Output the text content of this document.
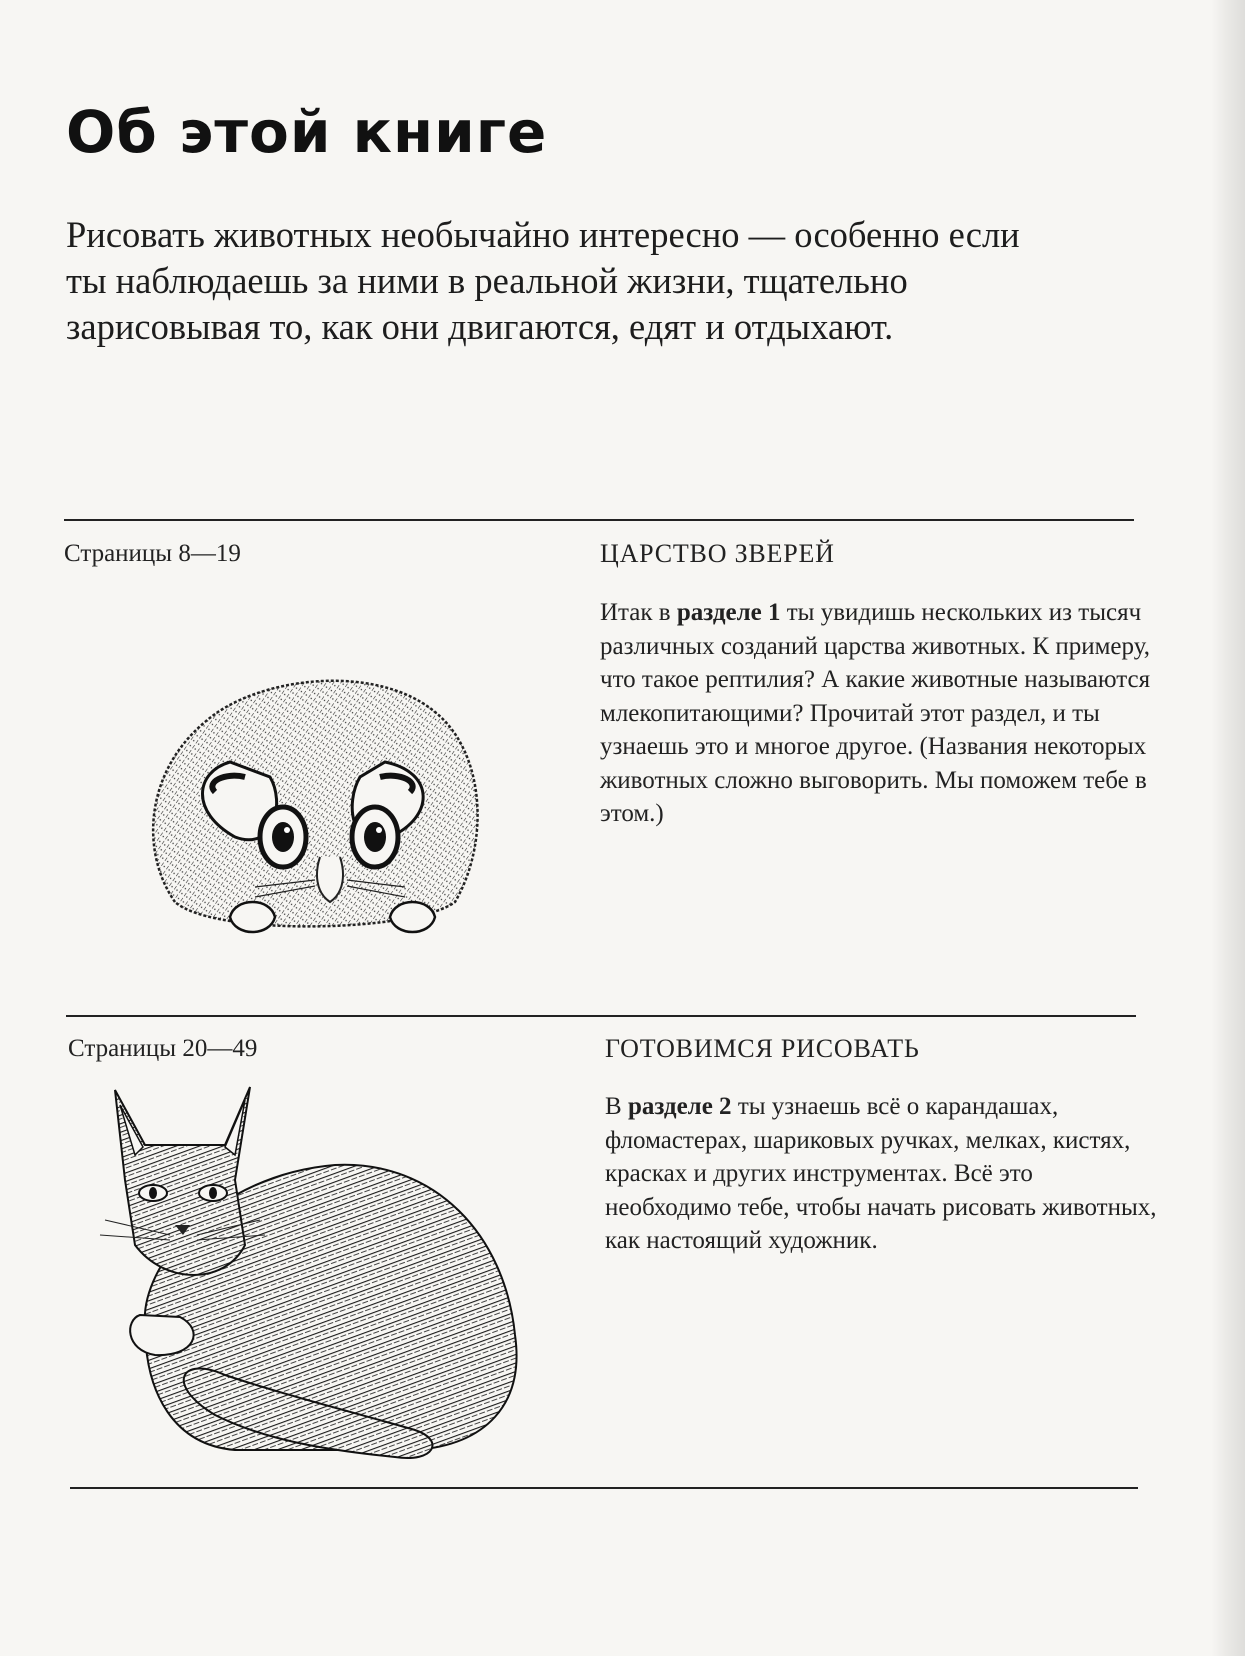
Об этой книге

Рисовать животных необычайно интересно — особенно если ты наблюдаешь за ними в реальной жизни, тщательно зарисовывая то, как они двигаются, едят и отдыхают.

Страницы 8—19	ЦАРСТВО ЗВЕРЕЙ
Итак в разделе 1 ты увидишь нескольких из тысяч различных созданий царства животных. К примеру, что такое рептилия? А какие животные называются млекопитающими? Прочитай этот раздел, и ты узнаешь это и многое другое. (Названия некоторых животных сложно выговорить. Мы поможем тебе в этом.)
Страницы 20—49	ГОТОВИМСЯ РИСОВАТЬ
В разделе 2 ты узнаешь всё о карандашах, фломастерах, шариковых ручках, мелках, кистях, красках и других инструментах. Всё это необходимо тебе, чтобы начать рисовать животных, как настоящий художник.
